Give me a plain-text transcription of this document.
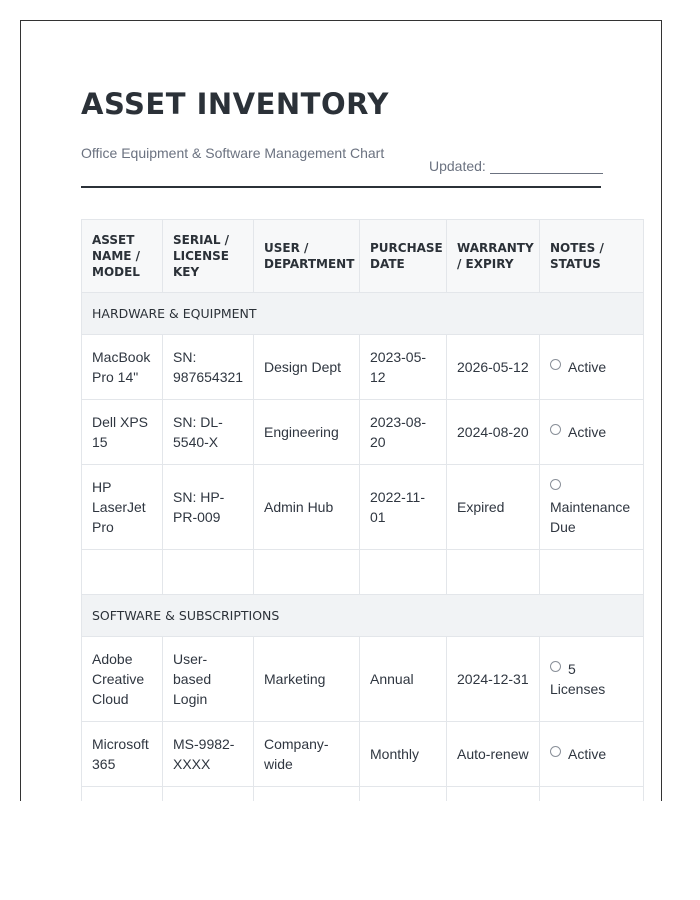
ASSET INVENTORY
Office Equipment & Software Management Chart
Updated:
ASSET NAME / MODEL	SERIAL / LICENSE KEY	USER / DEPARTMENT	PURCHASE DATE	WARRANTY / EXPIRY	NOTES / STATUS
HARDWARE & EQUIPMENT					
MacBook Pro 14"	SN: 987654321	Design Dept	2023-05-12	2026-05-12	Active
Dell XPS 15	SN: DL-5540-X	Engineering	2023-08-20	2024-08-20	Active
HP LaserJet Pro	SN: HP-PR-009	Admin Hub	2022-11-01	Expired	Maintenance Due

SOFTWARE & SUBSCRIPTIONS					
Adobe Creative Cloud	User-based Login	Marketing	Annual	2024-12-31	5 Licenses
Microsoft 365	MS-9982-XXXX	Company-wide	Monthly	Auto-renew	Active
